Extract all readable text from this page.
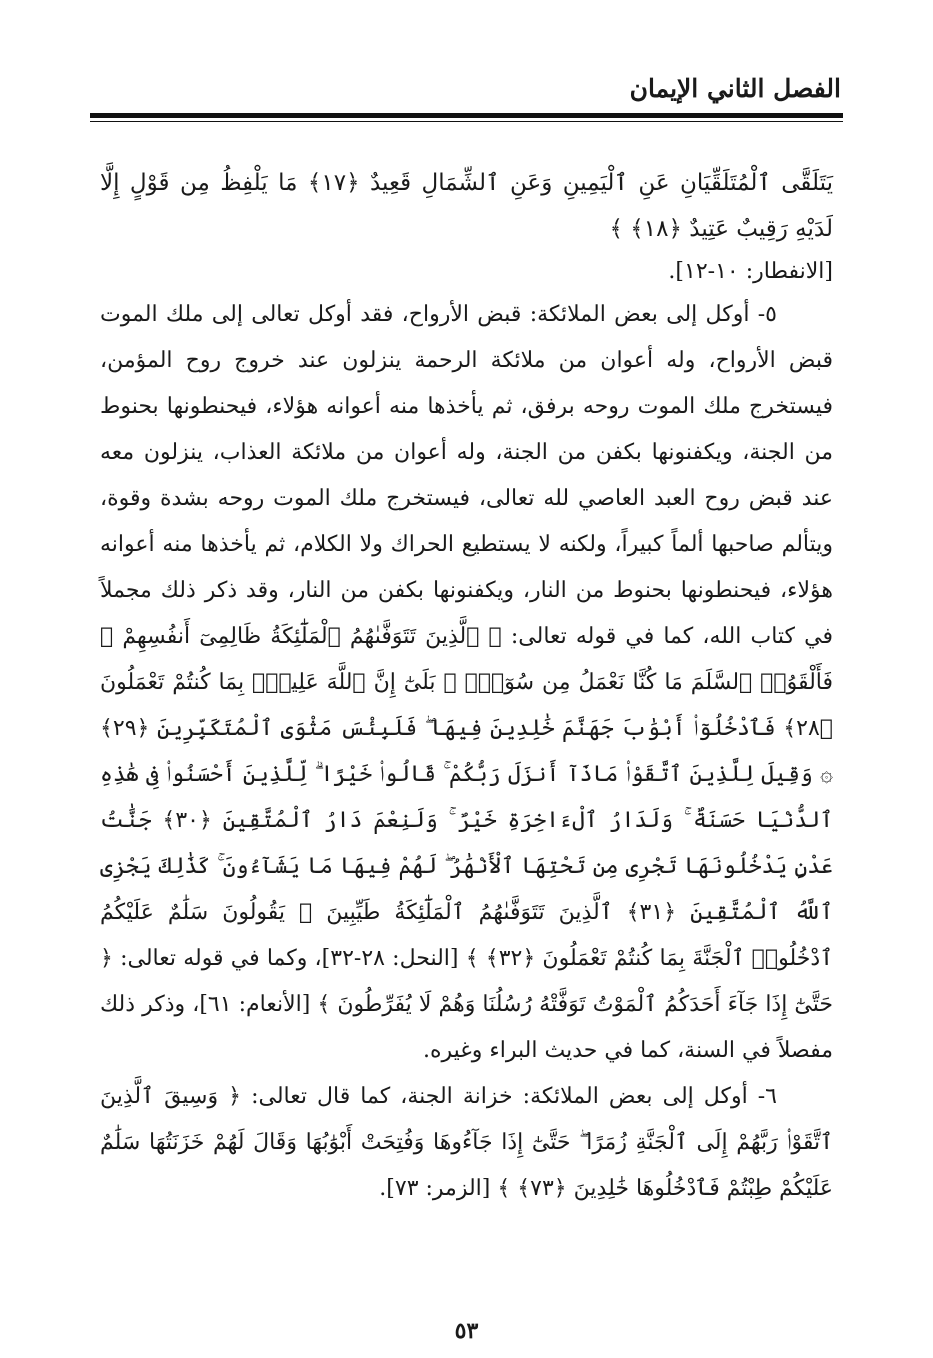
الفصل الثاني الإيمان

يَتَلَقَّى ٱلْمُتَلَقِّيَانِ عَنِ ٱلْيَمِينِ وَعَنِ ٱلشِّمَالِ قَعِيدٌ ﴿١٧﴾ مَا يَلْفِظُ مِن قَوْلٍ إِلَّا لَدَيْهِ رَقِيبٌ عَتِيدٌ ﴿١٨﴾ ﴾

[الانفطار: ١٠-١٢].

٥- أوكل إلى بعض الملائكة: قبض الأرواح، فقد أوكل تعالى إلى ملك الموت قبض الأرواح، وله أعوان من ملائكة الرحمة ينزلون عند خروج روح المؤمن، فيستخرج ملك الموت روحه برفق، ثم يأخذها منه أعوانه هؤلاء، فيحنطونها بحنوط من الجنة، ويكفنونها بكفن من الجنة، وله أعوان من ملائكة العذاب، ينزلون معه عند قبض روح العبد العاصي لله تعالى، فيستخرج ملك الموت روحه بشدة وقوة، ويتألم صاحبها ألماً كبيراً، ولكنه لا يستطيع الحراك ولا الكلام، ثم يأخذها منه أعوانه هؤلاء، فيحنطونها بحنوط من النار، ويكفنونها بكفن من النار، وقد ذكر ذلك مجملاً في كتاب الله، كما في قوله تعالى: ﴿ ٱلَّذِينَ تَتَوَفَّىٰهُمُ ٱلْمَلَٰٓئِكَةُ ظَالِمِىٓ أَنفُسِهِمْ ۖ فَأَلْقَوُا۟ ٱلسَّلَمَ مَا كُنَّا نَعْمَلُ مِن سُوٓءٍۭ ۚ بَلَىٰٓ إِنَّ ٱللَّهَ عَلِيمٌۢ بِمَا كُنتُمْ تَعْمَلُونَ ﴿٢٨﴾ فَٱدْخُلُوٓا۟ أَبْوَٰبَ جَهَنَّمَ خَٰلِدِينَ فِيهَا ۖ فَلَبِئْسَ مَثْوَى ٱلْمُتَكَبِّرِينَ ﴿٢٩﴾ ۞ وَقِيلَ لِلَّذِينَ ٱتَّقَوْا۟ مَاذَآ أَنزَلَ رَبُّكُمْ ۚ قَالُوا۟ خَيْرًا ۗ لِّلَّذِينَ أَحْسَنُوا۟ فِى هَٰذِهِ ٱلدُّنْيَا حَسَنَةٌ ۚ وَلَدَارُ ٱلْءَاخِرَةِ خَيْرٌ ۚ وَلَنِعْمَ دَارُ ٱلْمُتَّقِينَ ﴿٣٠﴾ جَنَّٰتُ عَدْنٍ يَدْخُلُونَهَا تَجْرِى مِن تَحْتِهَا ٱلْأَنْهَٰرُ ۖ لَهُمْ فِيهَا مَا يَشَآءُونَ ۚ كَذَٰلِكَ يَجْزِى ٱللَّهُ ٱلْمُتَّقِينَ ﴿٣١﴾ ٱلَّذِينَ تَتَوَفَّىٰهُمُ ٱلْمَلَٰٓئِكَةُ طَيِّبِينَ ۙ يَقُولُونَ سَلَٰمٌ عَلَيْكُمُ ٱدْخُلُوا۟ ٱلْجَنَّةَ بِمَا كُنتُمْ تَعْمَلُونَ ﴿٣٢﴾ ﴾ [النحل: ٢٨-٣٢]، وكما في قوله تعالى: ﴿ حَتَّىٰٓ إِذَا جَآءَ أَحَدَكُمُ ٱلْمَوْتُ تَوَفَّتْهُ رُسُلُنَا وَهُمْ لَا يُفَرِّطُونَ ﴾ [الأنعام: ٦١]، وذكر ذلك مفصلاً في السنة، كما في حديث البراء وغيره.

٦- أوكل إلى بعض الملائكة: خزانة الجنة، كما قال تعالى: ﴿ وَسِيقَ ٱلَّذِينَ ٱتَّقَوْا۟ رَبَّهُمْ إِلَى ٱلْجَنَّةِ زُمَرًا ۖ حَتَّىٰٓ إِذَا جَآءُوهَا وَفُتِحَتْ أَبْوَٰبُهَا وَقَالَ لَهُمْ خَزَنَتُهَا سَلَٰمٌ عَلَيْكُمْ طِبْتُمْ فَٱدْخُلُوهَا خَٰلِدِينَ ﴿٧٣﴾ ﴾ [الزمر: ٧٣].

٥٣
